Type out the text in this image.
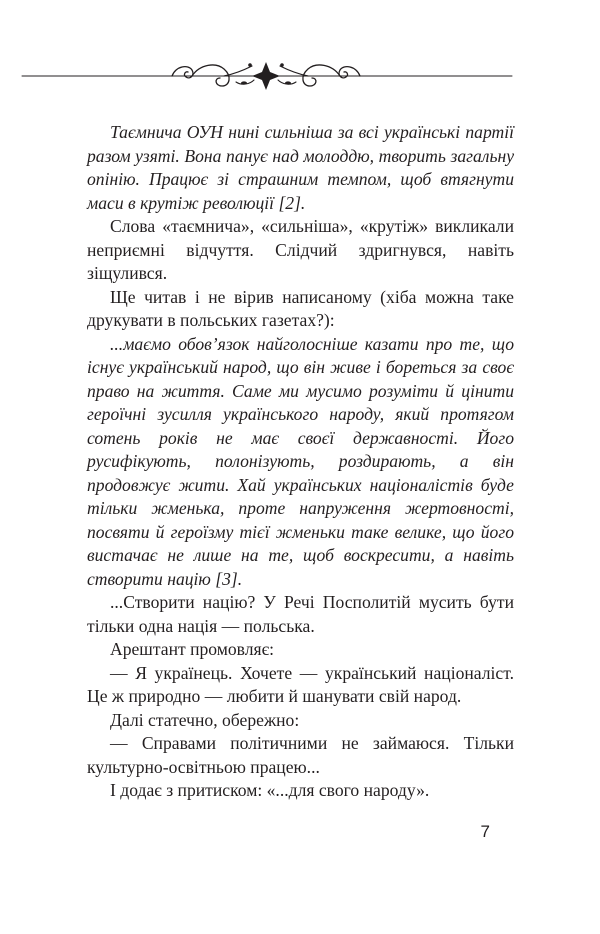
Таємнича ОУН нині сильніша за всі українські партії разом узяті. Вона панує над молоддю, творить загальну опінію. Працює зі страшним темпом, щоб втягнути маси в крутіж революції [2].

Слова «таємнича», «сильніша», «крутіж» викликали неприємні відчуття. Слідчий здригнувся, навіть зіщулився.

Ще читав і не вірив написаному (хіба можна таке друкувати в польських газетах?):

...маємо обов’язок найголосніше казати про те, що існує український народ, що він живе і бореться за своє право на життя. Саме ми мусимо розуміти й цінити героїчні зусилля українського народу, який протягом сотень років не має своєї державності. Його русифікують, полонізують, роздирають, а він продовжує жити. Хай українських націоналістів буде тільки жменька, проте напруження жертовності, посвяти й героїзму тієї жменьки таке велике, що його вистачає не лише на те, щоб воскресити, а навіть створити націю [3].

...Створити націю? У Речі Посполитій мусить бути тільки одна нація — польська.

Арештант промовляє:

— Я українець. Хочете — український націоналіст. Це ж природно — любити й шанувати свій народ.

Далі статечно, обережно:

— Справами політичними не займаюся. Тільки культурно-освітньою працею...

І додає з притиском: «...для свого народу».

7
